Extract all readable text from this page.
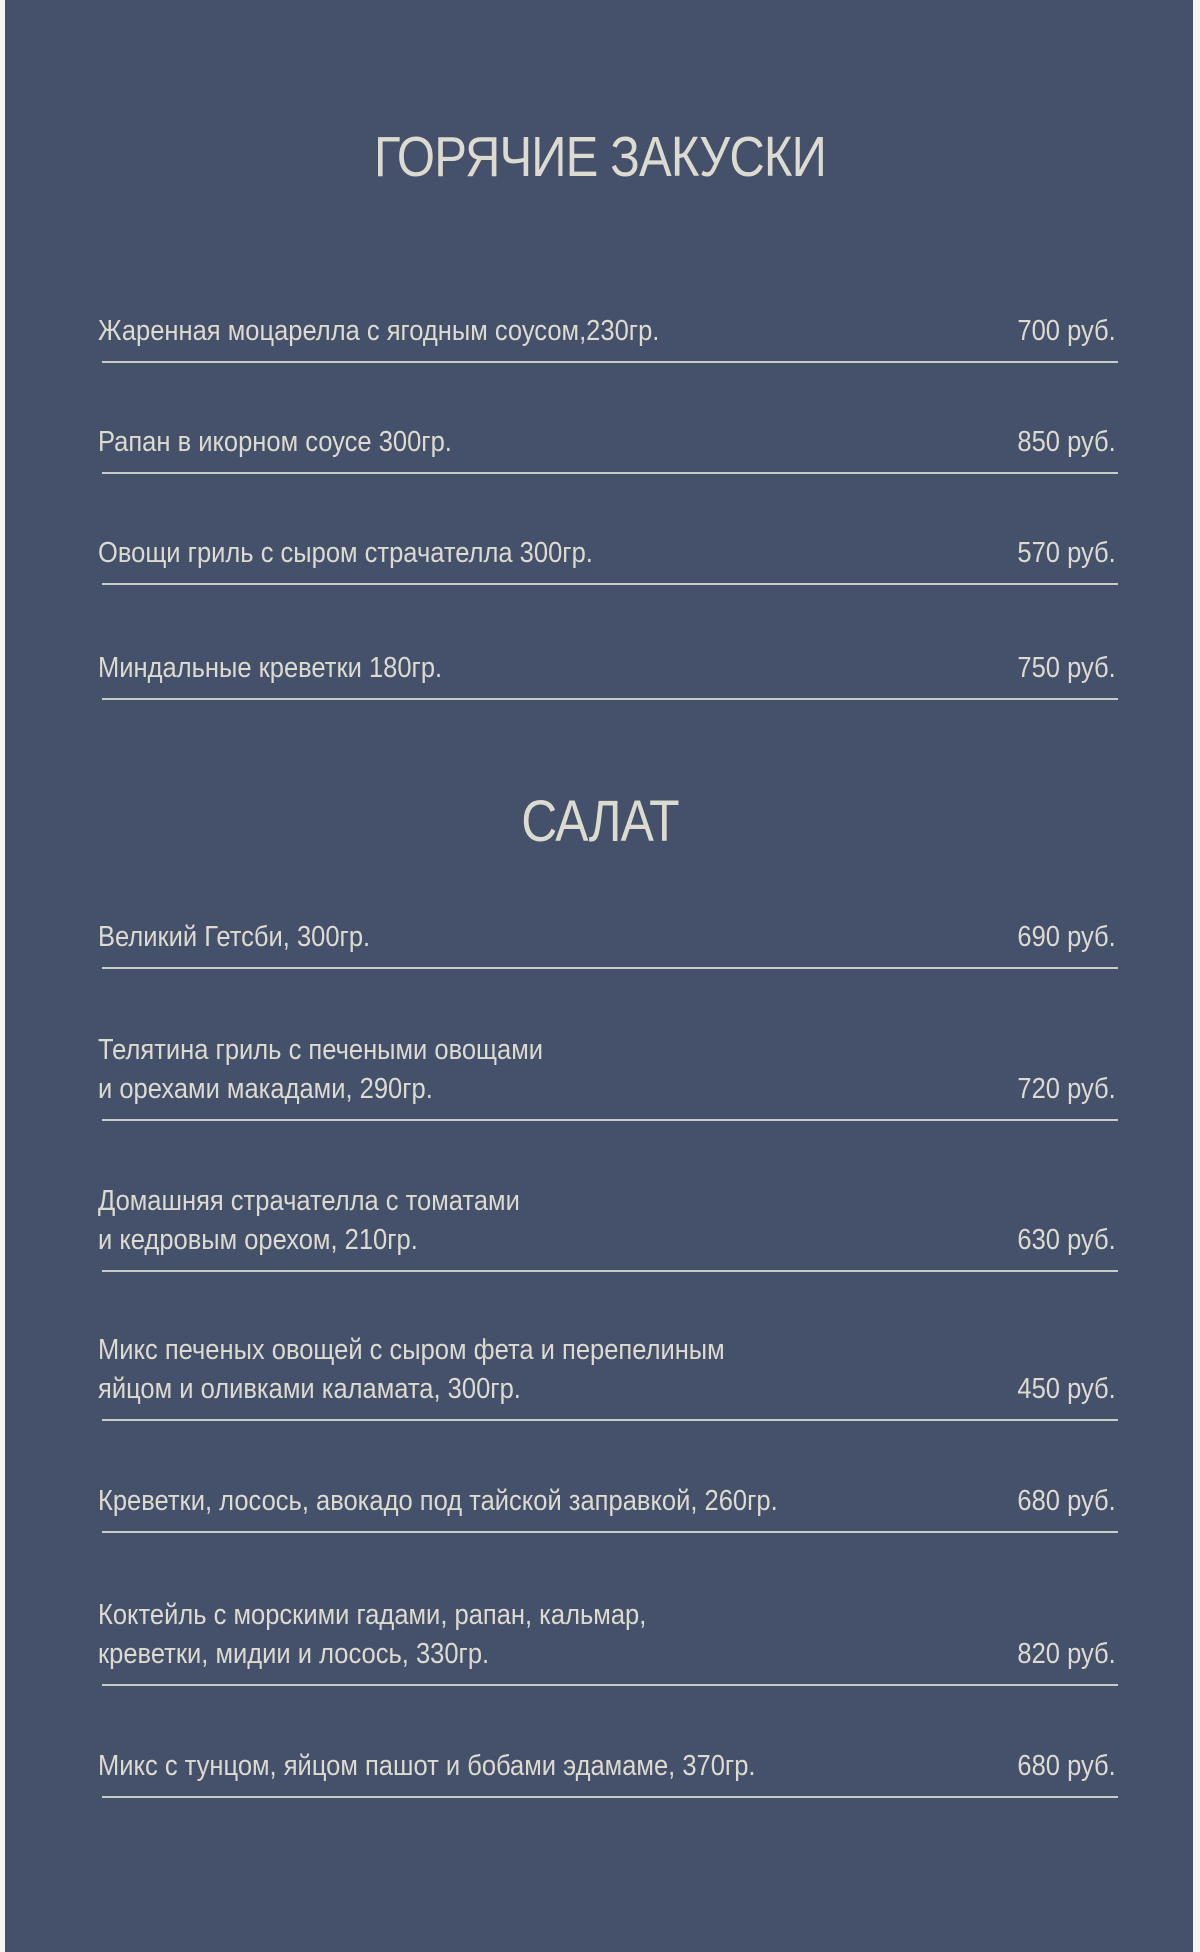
ГОРЯЧИЕ ЗАКУСКИ
Жаренная моцарелла с ягодным соусом,230гр.	700 руб.
Рапан в икорном соусе 300гр.	850 руб.
Овощи гриль с сыром страчателла 300гр.	570 руб.
Миндальные креветки 180гр.	750 руб.
САЛАТ
Великий Гетсби, 300гр.	690 руб.
Телятина гриль с печеными овощами
и орехами макадами, 290гр.	720 руб.
Домашняя страчателла с томатами
и кедровым орехом, 210гр.	630 руб.
Микс печеных овощей с сыром фета и перепелиным
яйцом и оливками каламата, 300гр.	450 руб.
Креветки, лосось, авокадо под тайской заправкой, 260гр.	680 руб.
Коктейль с морскими гадами, рапан, кальмар,
креветки, мидии и лосось, 330гр.	820 руб.
Микс с тунцом, яйцом пашот и бобами эдамаме, 370гр.	680 руб.
